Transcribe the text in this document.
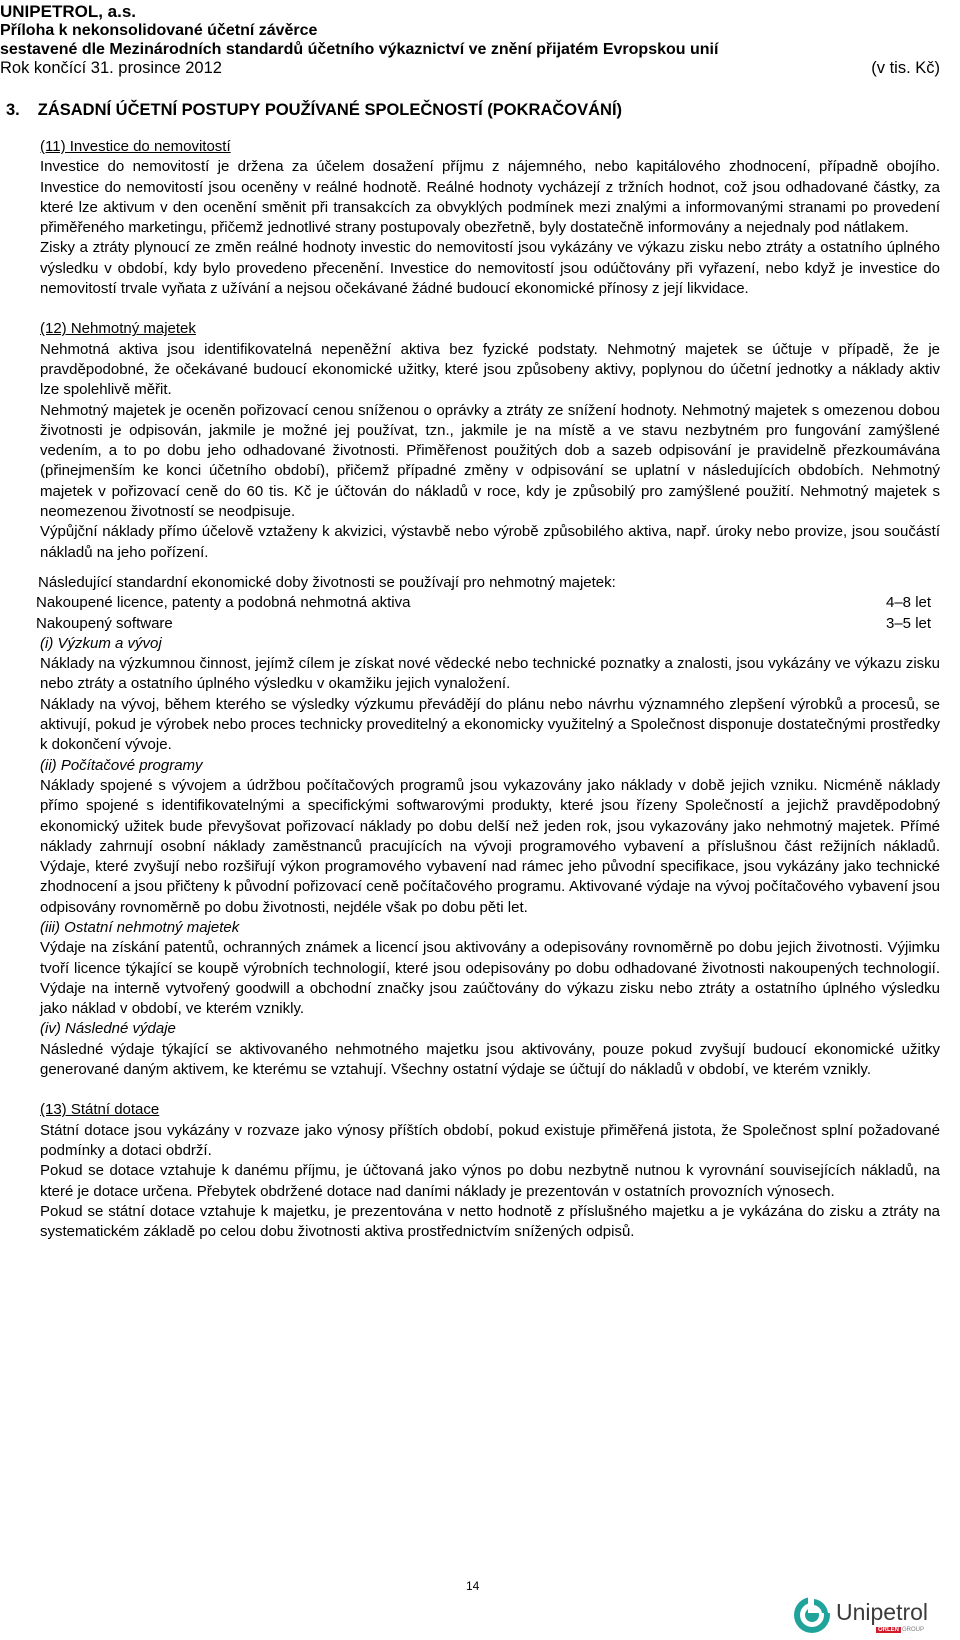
UNIPETROL, a.s.
Příloha k nekonsolidované účetní závěrce
sestavené dle Mezinárodních standardů účetního výkaznictví ve znění přijatém Evropskou unií
Rok končící 31. prosince 2012	(v tis. Kč)

3. ZÁSADNÍ ÚČETNÍ POSTUPY POUŽÍVANÉ SPOLEČNOSTÍ (POKRAČOVÁNÍ)

(11) Investice do nemovitostí

Investice do nemovitostí je držena za účelem dosažení příjmu z nájemného, nebo kapitálového zhodnocení, případně obojího. Investice do nemovitostí jsou oceněny v reálné hodnotě. Reálné hodnoty vycházejí z tržních hodnot, což jsou odhadované částky, za které lze aktivum v den ocenění směnit při transakcích za obvyklých podmínek mezi znalými a informovanými stranami po provedení přiměřeného marketingu, přičemž jednotlivé strany postupovaly obezřetně, byly dostatečně informovány a nejednaly pod nátlakem.

Zisky a ztráty plynoucí ze změn reálné hodnoty investic do nemovitostí jsou vykázány ve výkazu zisku nebo ztráty a ostatního úplného výsledku v období, kdy bylo provedeno přecenění. Investice do nemovitostí jsou odúčtovány při vyřazení, nebo když je investice do nemovitostí trvale vyňata z užívání a nejsou očekávané žádné budoucí ekonomické přínosy z její likvidace.

(12) Nehmotný majetek

Nehmotná aktiva jsou identifikovatelná nepeněžní aktiva bez fyzické podstaty. Nehmotný majetek se účtuje v případě, že je pravděpodobné, že očekávané budoucí ekonomické užitky, které jsou způsobeny aktivy, poplynou do účetní jednotky a náklady aktiv lze spolehlivě měřit.

Nehmotný majetek je oceněn pořizovací cenou sníženou o oprávky a ztráty ze snížení hodnoty. Nehmotný majetek s omezenou dobou životnosti je odpisován, jakmile je možné jej používat, tzn., jakmile je na místě a ve stavu nezbytném pro fungování zamýšlené vedením, a to po dobu jeho odhadované životnosti. Přiměřenost použitých dob a sazeb odpisování je pravidelně přezkoumávána (přinejmenším ke konci účetního období), přičemž případné změny v odpisování se uplatní v následujících obdobích. Nehmotný majetek v pořizovací ceně do 60 tis. Kč je účtován do nákladů v roce, kdy je způsobilý pro zamýšlené použití. Nehmotný majetek s neomezenou životností se neodpisuje.

Výpůjční náklady přímo účelově vztaženy k akvizici, výstavbě nebo výrobě způsobilého aktiva, např. úroky nebo provize, jsou součástí nákladů na jeho pořízení.

Následující standardní ekonomické doby životnosti se používají pro nehmotný majetek:

Nakoupené licence, patenty a podobná nehmotná aktiva	4–8 let
Nakoupený software	3–5 let

(i) Výzkum a vývoj

Náklady na výzkumnou činnost, jejímž cílem je získat nové vědecké nebo technické poznatky a znalosti, jsou vykázány ve výkazu zisku nebo ztráty a ostatního úplného výsledku v okamžiku jejich vynaložení.

Náklady na vývoj, během kterého se výsledky výzkumu převádějí do plánu nebo návrhu významného zlepšení výrobků a procesů, se aktivují, pokud je výrobek nebo proces technicky proveditelný a ekonomicky využitelný a Společnost disponuje dostatečnými prostředky k dokončení vývoje.

(ii) Počítačové programy

Náklady spojené s vývojem a údržbou počítačových programů jsou vykazovány jako náklady v době jejich vzniku. Nicméně náklady přímo spojené s identifikovatelnými a specifickými softwarovými produkty, které jsou řízeny Společností a jejichž pravděpodobný ekonomický užitek bude převyšovat pořizovací náklady po dobu delší než jeden rok, jsou vykazovány jako nehmotný majetek. Přímé náklady zahrnují osobní náklady zaměstnanců pracujících na vývoji programového vybavení a příslušnou část režijních nákladů. Výdaje, které zvyšují nebo rozšiřují výkon programového vybavení nad rámec jeho původní specifikace, jsou vykázány jako technické zhodnocení a jsou přičteny k původní pořizovací ceně počítačového programu. Aktivované výdaje na vývoj počítačového vybavení jsou odpisovány rovnoměrně po dobu životnosti, nejdéle však po dobu pěti let.

(iii) Ostatní nehmotný majetek

Výdaje na získání patentů, ochranných známek a licencí jsou aktivovány a odepisovány rovnoměrně po dobu jejich životnosti. Výjimku tvoří licence týkající se koupě výrobních technologií, které jsou odepisovány po dobu odhadované životnosti nakoupených technologií. Výdaje na interně vytvořený goodwill a obchodní značky jsou zaúčtovány do výkazu zisku nebo ztráty a ostatního úplného výsledku jako náklad v období, ve kterém vznikly.

(iv) Následné výdaje

Následné výdaje týkající se aktivovaného nehmotného majetku jsou aktivovány, pouze pokud zvyšují budoucí ekonomické užitky generované daným aktivem, ke kterému se vztahují. Všechny ostatní výdaje se účtují do nákladů v období, ve kterém vznikly.

(13) Státní dotace

Státní dotace jsou vykázány v rozvaze jako výnosy příštích období, pokud existuje přiměřená jistota, že Společnost splní požadované podmínky a dotaci obdrží.

Pokud se dotace vztahuje k danému příjmu, je účtovaná jako výnos po dobu nezbytně nutnou k vyrovnání souvisejících nákladů, na které je dotace určena. Přebytek obdržené dotace nad daními náklady je prezentován v ostatních provozních výnosech.

Pokud se státní dotace vztahuje k majetku, je prezentována v netto hodnotě z příslušného majetku a je vykázána do zisku a ztráty na systematickém základě po celou dobu životnosti aktiva prostřednictvím snížených odpisů.

14
Unipetrol
ORLEN GROUP
